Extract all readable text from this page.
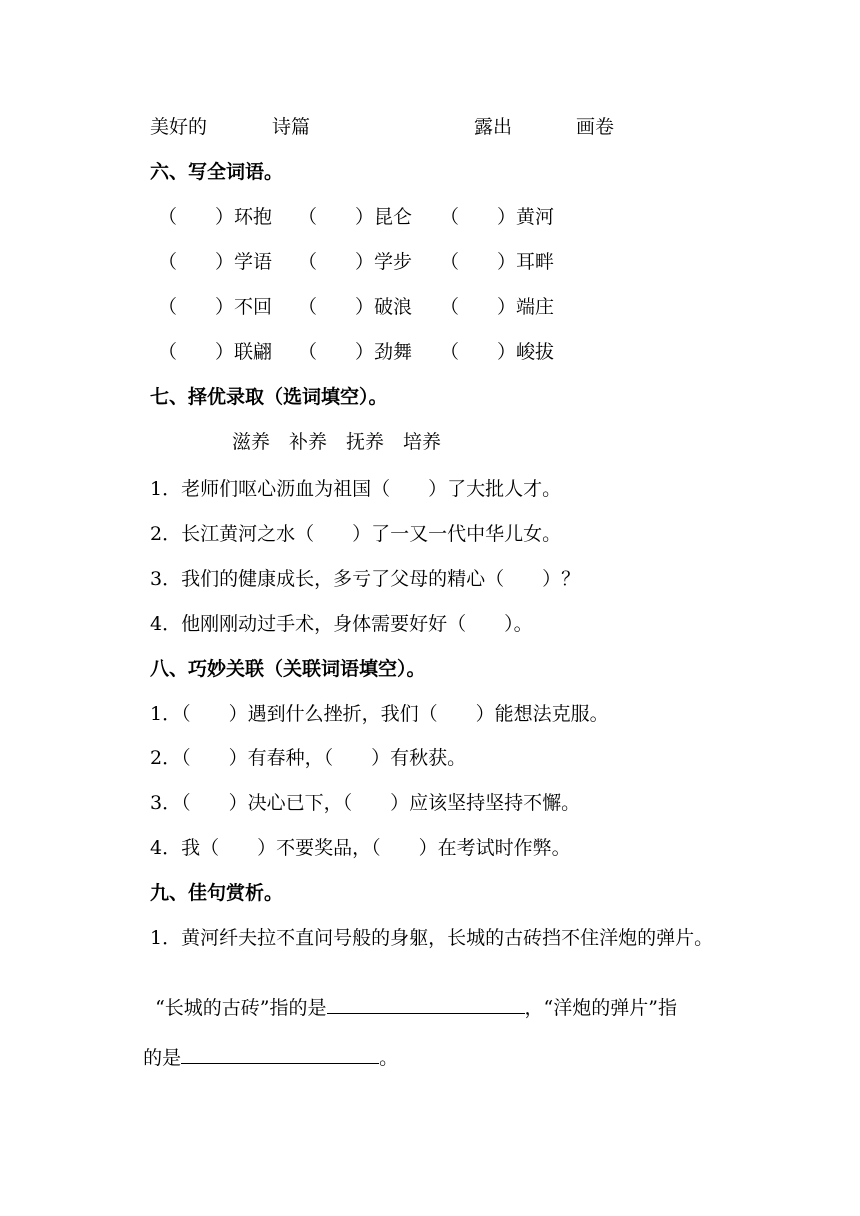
美好的	诗篇	露出	画卷
六、写全词语。
（　　）环抱 （　　）昆仑 （　　）黄河
（　　）学语 （　　）学步 （　　）耳畔
（　　）不回 （　　）破浪 （　　）端庄
（　　）联翩 （　　）劲舞 （　　）峻拔
七、择优录取（选词填空）。
滋养　补养　抚养　培养
1．老师们呕心沥血为祖国（　　）了大批人才。
2．长江黄河之水（　　）了一又一代中华儿女。
3．我们的健康成长，多亏了父母的精心（　　）？
4．他刚刚动过手术，身体需要好好（　　）。
八、巧妙关联（关联词语填空）。
1．（　　）遇到什么挫折，我们（　　）能想法克服。
2．（　　）有春种，（　　）有秋获。
3．（　　）决心已下，（　　）应该坚持坚持不懈。
4．我（　　）不要奖品，（　　）在考试时作弊。
九、佳句赏析。
1．黄河纤夫拉不直问号般的身躯，长城的古砖挡不住洋炮的弹片。

“长城的古砖”指的是	，“洋炮的弹片”指

的是	。
